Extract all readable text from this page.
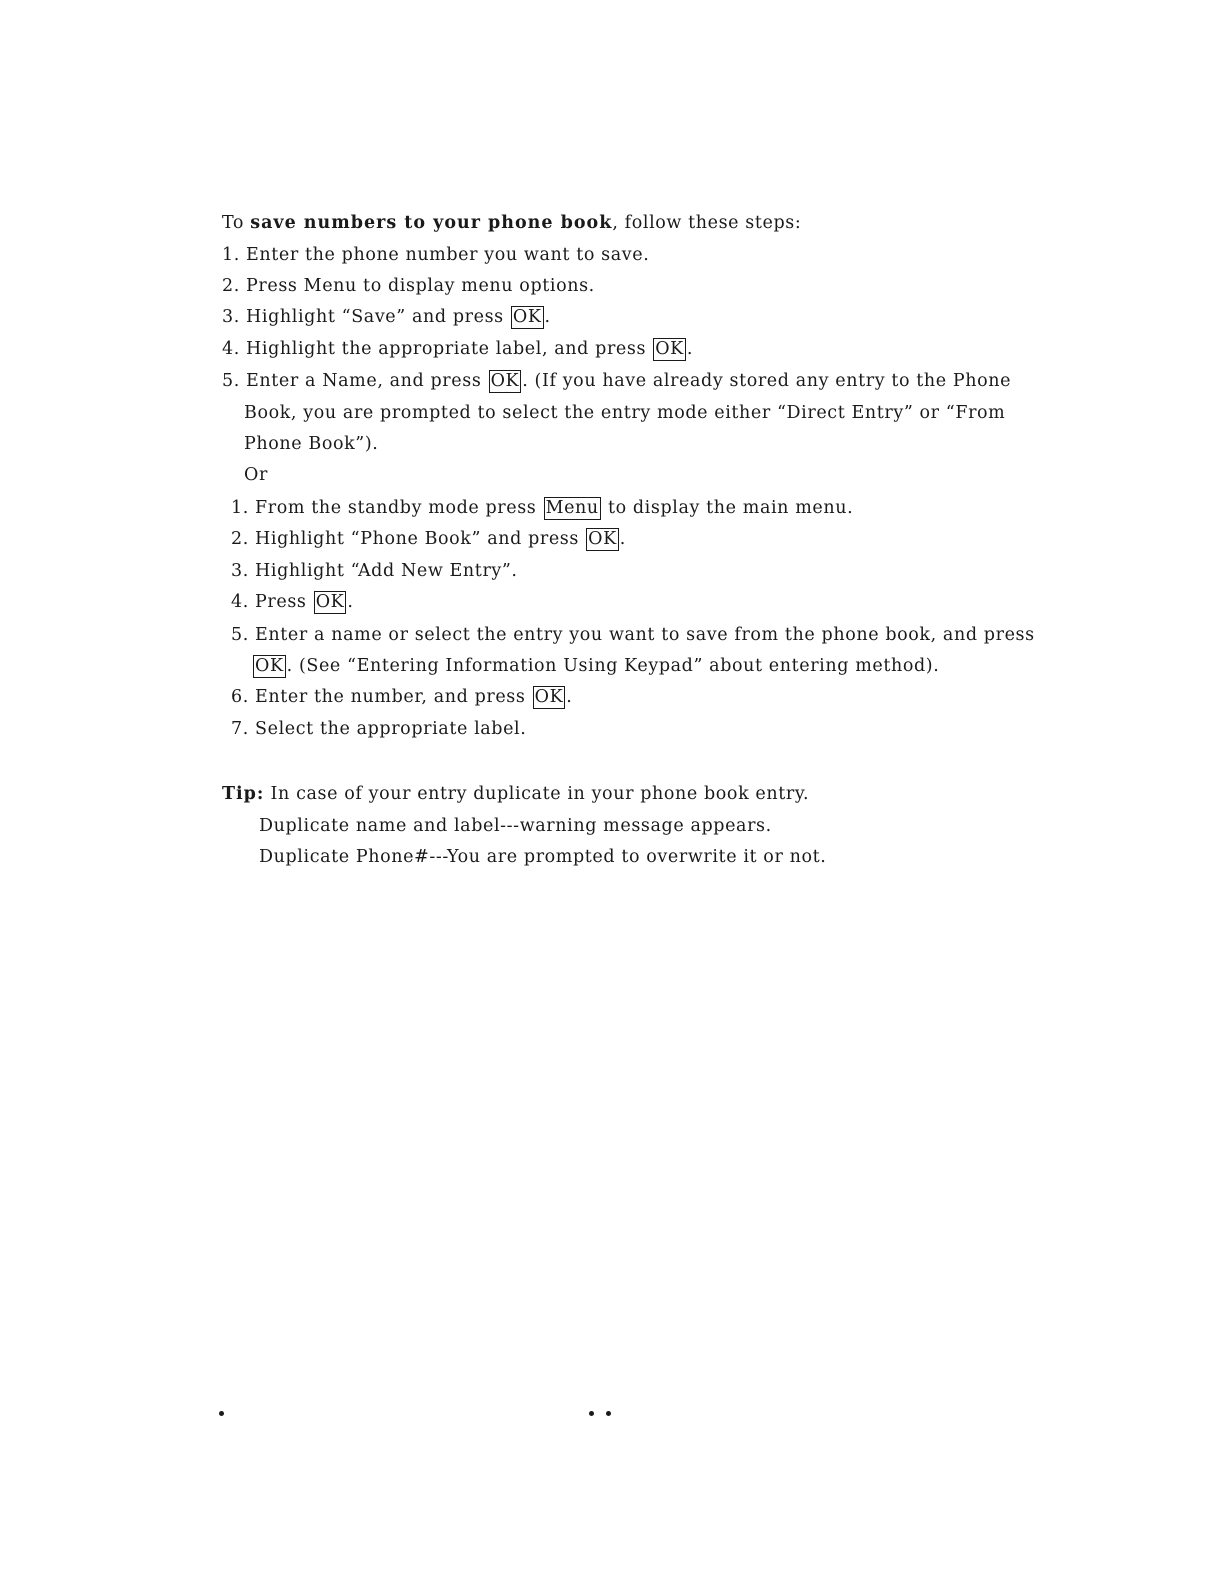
To save numbers to your phone book, follow these steps:
1. Enter the phone number you want to save.
2. Press Menu to display menu options.
3. Highlight “Save” and press OK .
4. Highlight the appropriate label, and press OK .
5. Enter a Name, and press OK . (If you have already stored any entry to the Phone
Book, you are prompted to select the entry mode either “Direct Entry” or “From
Phone Book”).
Or
1. From the standby mode press Menu to display the main menu.
2. Highlight “Phone Book” and press OK .
3. Highlight “Add New Entry”.
4. Press OK .
5. Enter a name or select the entry you want to save from the phone book, and press
OK . (See “Entering Information Using Keypad” about entering method).
6. Enter the number, and press OK .
7. Select the appropriate label.
Tip: In case of your entry duplicate in your phone book entry.
Duplicate name and label---warning message appears.
Duplicate Phone#---You are prompted to overwrite it or not.
